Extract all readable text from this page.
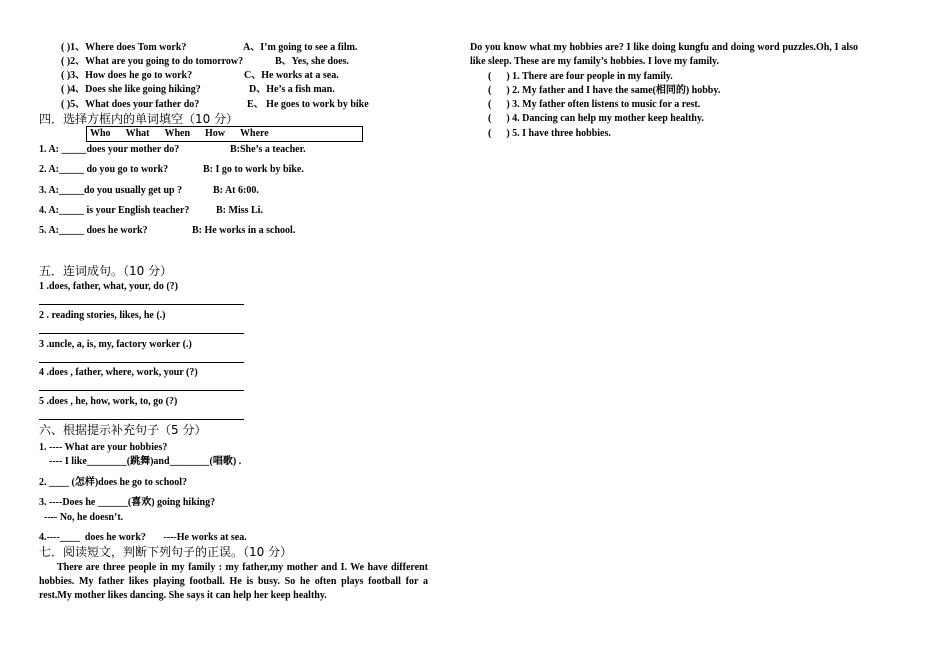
( )1、Where does Tom work?	A、I’m going to see a film.
( )2、What are you going to do tomorrow?	B、Yes, she does.
( )3、How does he go to work?	C、He works at a sea.
( )4、Does she like going hiking?	D、He’s a fish man.
( )5、What does your father do?	E、 He goes to work by bike
四．选择方框内的单词填空（10 分）
Who What When How Where
1. A: _____does your mother do?	B:She’s a teacher.
2. A:_____ do you go to work?	B: I go to work by bike.
3. A:_____do you usually get up ?	B: At 6:00.
4. A:_____ is your English teacher?	B: Miss Li.
5. A:_____ does he work?	B: He works in a school.
五．连词成句。（10 分）
1 .does, father, what, your, do (?)
2 . reading stories, likes, he (.)
3 .uncle, a, is, my, factory worker (.)
4 .does , father, where, work, your (?)
5 .does , he, how, work, to, go (?)
六、根据提示补充句子（5 分）
1. ---- What are your hobbies?
---- I like________(跳舞)and________(唱歌) .
2. ____ (怎样)does he go to school?
3. ----Does he ______(喜欢) going hiking?
---- No, he doesn’t.
4.----____  does he work?       ----He works at sea.
七．阅读短文，判断下列句子的正误。（10 分）
There are three people in my family : my father,my mother and I. We have different hobbies. My father likes playing football. He is busy. So he often plays football for a rest.My mother likes dancing. She says it can help her keep healthy.
Do you know what my hobbies are? I like doing kungfu and doing word puzzles.Oh, I also like sleep. These are my family’s hobbies. I love my family.
(      ) 1. There are four people in my family.
(      ) 2. My father and I have the same(相同的) hobby.
(      ) 3. My father often listens to music for a rest.
(      ) 4. Dancing can help my mother keep healthy.
(      ) 5. I have three hobbies.
